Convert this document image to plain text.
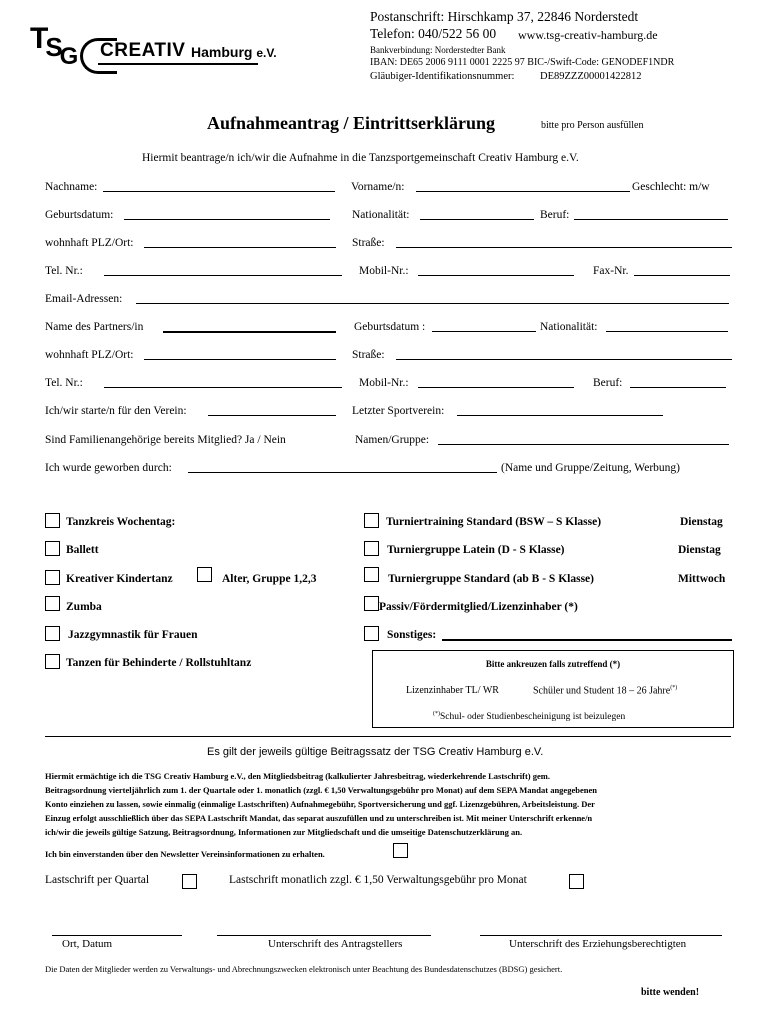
$TS_G$ CREATIV Hamburg e.V.
Postanschrift: Hirschkamp 37, 22846 Norderstedt
Telefon: 040/522 56 00 www.tsg-creativ-hamburg.de
Bankverbindung: Norderstedter Bank
IBAN: DE65 2006 9111 0001 2225 97 BIC-/Swift-Code: GENODEF1NDR
Gläubiger-Identifikationsnummer: DE89ZZZ00001422812
Aufnahmeantrag / Eintrittserklärung	bitte pro Person ausfüllen
Hiermit beantrage/n ich/wir die Aufnahme in die Tanzsportgemeinschaft Creativ Hamburg e.V.
Nachname:	Vorname/n:	Geschlecht: m/w
Geburtsdatum:	Nationalität:	Beruf:
wohnhaft PLZ/Ort:	Straße:
Tel. Nr.:	Mobil-Nr.:	Fax-Nr.
Email-Adressen:
Name des Partners/in	Geburtsdatum :	Nationalität:
wohnhaft PLZ/Ort:	Straße:
Tel. Nr.:	Mobil-Nr.:	Beruf:
Ich/wir starte/n für den Verein:	Letzter Sportverein:
Sind Familienangehörige bereits Mitglied? Ja / Nein	Namen/Gruppe:
Ich wurde geworben durch:	(Name und Gruppe/Zeitung, Werbung)
Tanzkreis Wochentag:
Ballett
Kreativer Kindertanz	Alter, Gruppe 1,2,3
Zumba
Jazzgymnastik für Frauen
Tanzen für Behinderte / Rollstuhltanz
Turniertraining Standard (BSW – S Klasse)	Dienstag
Turniergruppe Latein (D - S Klasse)	Dienstag
Turniergruppe Standard (ab B - S Klasse)	Mittwoch
Passiv/Fördermitglied/Lizenzinhaber (*)
Sonstiges:
Bitte ankreuzen falls zutreffend (*)
Lizenzinhaber TL/ WR	Schüler und Student 18 – 26 Jahre(*)
(*)Schul- oder Studienbescheinigung ist beizulegen
Es gilt der jeweils gültige Beitragssatz der TSG Creativ Hamburg e.V.
Hiermit ermächtige ich die TSG Creativ Hamburg e.V., den Mitgliedsbeitrag (kalkulierter Jahresbeitrag, wiederkehrende Lastschrift) gem.
Beitragsordnung vierteljährlich zum 1. der Quartale oder 1. monatlich (zzgl. € 1,50 Verwaltungsgebühr pro Monat) auf dem SEPA Mandat angegebenen
Konto einziehen zu lassen, sowie einmalig (einmalige Lastschriften) Aufnahmegebühr, Sportversicherung und ggf. Lizenzgebühren, Arbeitsleistung. Der
Einzug erfolgt ausschließlich über das SEPA Lastschrift Mandat, das separat auszufüllen und zu unterschreiben ist. Mit meiner Unterschrift erkenne/n
ich/wir die jeweils gültige Satzung, Beitragsordnung, Informationen zur Mitgliedschaft und die umseitige Datenschutzerklärung an.
Ich bin einverstanden über den Newsletter Vereinsinformationen zu erhalten.
Lastschrift per Quartal	Lastschrift monatlich zzgl. € 1,50 Verwaltungsgebühr pro Monat
Ort, Datum	Unterschrift des Antragstellers	Unterschrift des Erziehungsberechtigten
Die Daten der Mitglieder werden zu Verwaltungs- und Abrechnungszwecken elektronisch unter Beachtung des Bundesdatenschutzes (BDSG) gesichert.
bitte wenden!
